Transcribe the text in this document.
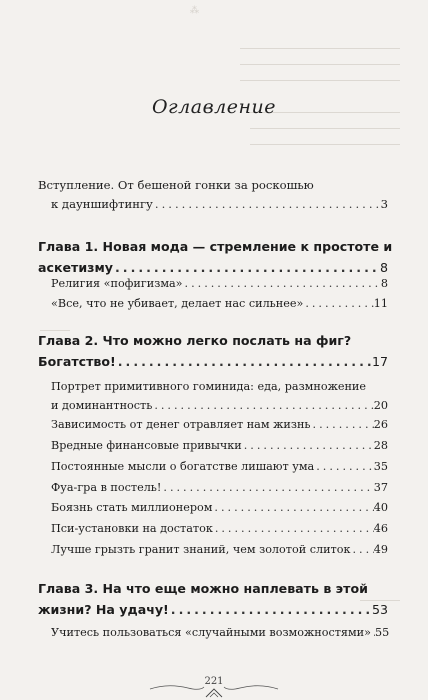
⁂
Оглавление
Вступление. От бешеной гонки за роскошью
к дауншифтингу .....	3
Глава 1. Новая мода — стремление к простоте и
аскетизму .....	8
Религия «пофигизма» .....	8
«Все, что не убивает, делает нас сильнее» .....	11
Глава 2. Что можно легко послать на фиг?
Богатство! .....	17
Портрет примитивного гоминида: еда, размножение
и доминантность .....	20
Зависимость от денег отравляет нам жизнь .....	26
Вредные финансовые привычки .....	28
Постоянные мысли о богатстве лишают ума .....	35
Фуа-гра в постель! .....	37
Боязнь стать миллионером .....	40
Пси-установки на достаток .....	46
Лучше грызть гранит знаний, чем золотой слиток ..... 49
Глава 3. На что еще можно наплевать в этой
жизни? На удачу! .....	53
Учитесь пользоваться «случайными возможностями» ..... 55
221
